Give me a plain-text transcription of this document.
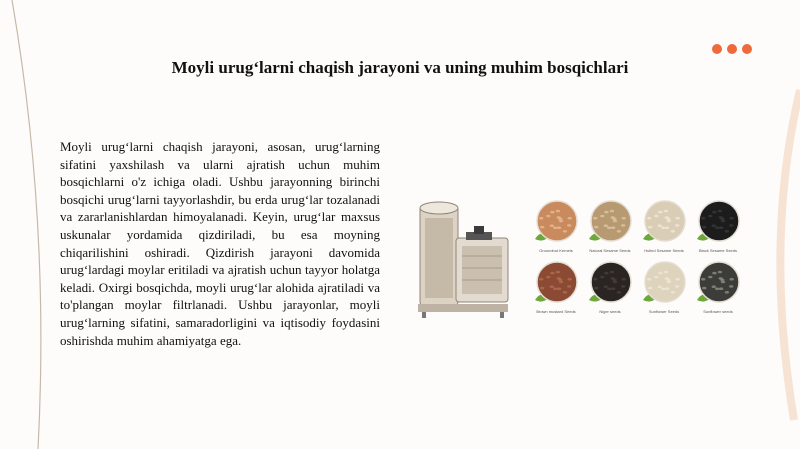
Moyli urug‘larni chaqish jarayoni va uning muhim bosqichlari

Moyli urug‘larni chaqish jarayoni, asosan, urug‘larning sifatini yaxshilash va ularni ajratish uchun muhim bosqichlarni o'z ichiga oladi. Ushbu jarayonning birinchi bosqichi urug‘larni tayyorlashdir, bu erda urug‘lar tozalanadi va zararlanishlardan himoyalanadi. Keyin, urug‘lar maxsus uskunalar yordamida qizdiriladi, bu esa moyning chiqarilishini oshiradi. Qizdirish jarayoni davomida urug‘lardagi moylar eritiladi va ajratish uchun tayyor holatga keladi. Oxirgi bosqichda, moyli urug‘lar alohida ajratiladi va to'plangan moylar filtrlanadi. Ushbu jarayonlar, moyli urug‘larning sifatini, samaradorligini va iqtisodiy foydasini oshirishda muhim ahamiyatga ega.

Groundnut Kernels	Natural Sesame Seeds	Hulled Sesame Seeds	Black Sesame Seeds
Brown mustard Seeds	Niger seeds	Sunflower Seeds	Sunflower seeds
